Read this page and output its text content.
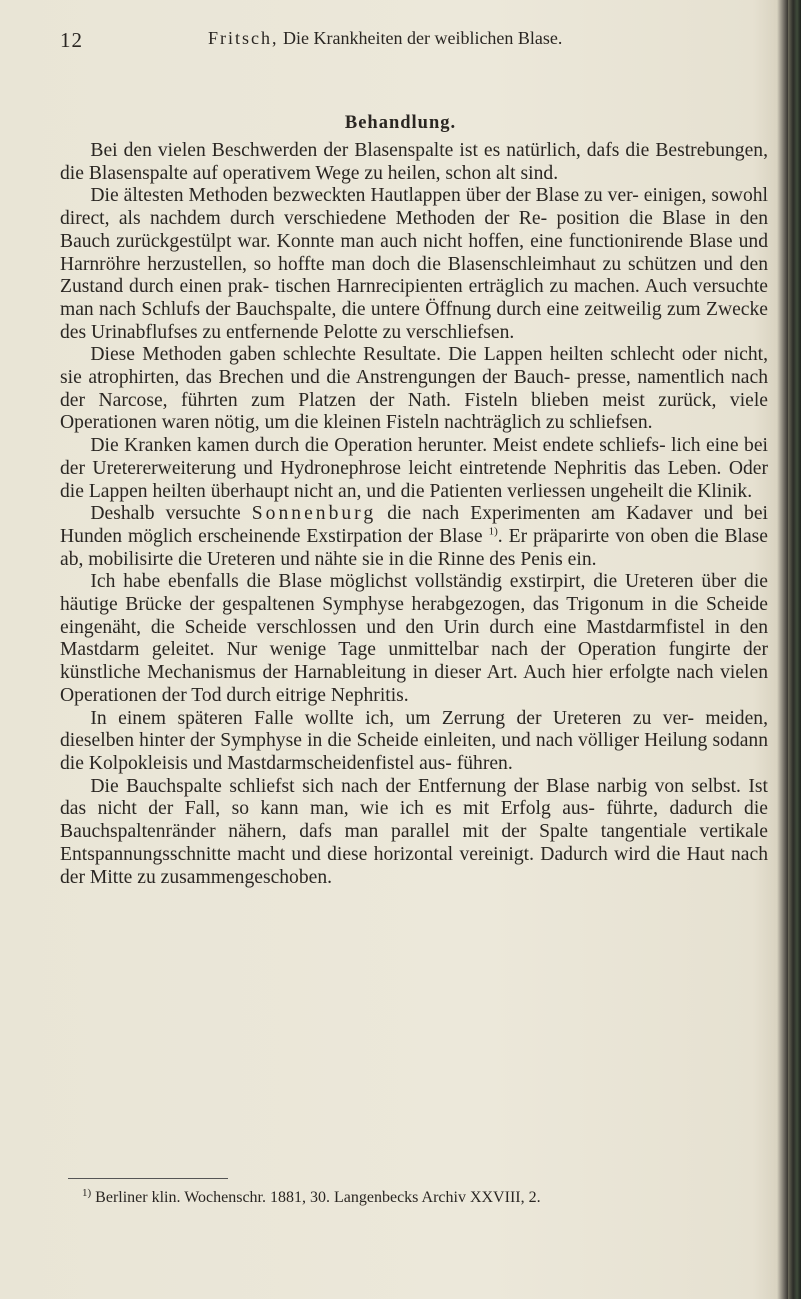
12	Fritsch, Die Krankheiten der weiblichen Blase.
Behandlung.

Bei den vielen Beschwerden der Blasenspalte ist es natürlich, dafs die Bestrebungen, die Blasenspalte auf operativem Wege zu heilen, schon alt sind.

Die ältesten Methoden bezweckten Hautlappen über der Blase zu ver- einigen, sowohl direct, als nachdem durch verschiedene Methoden der Re- position die Blase in den Bauch zurückgestülpt war. Konnte man auch nicht hoffen, eine functionirende Blase und Harnröhre herzustellen, so hoffte man doch die Blasenschleimhaut zu schützen und den Zustand durch einen prak- tischen Harnrecipienten erträglich zu machen. Auch versuchte man nach Schlufs der Bauchspalte, die untere Öffnung durch eine zeitweilig zum Zwecke des Urinabflufses zu entfernende Pelotte zu verschliefsen.

Diese Methoden gaben schlechte Resultate. Die Lappen heilten schlecht oder nicht, sie atrophirten, das Brechen und die Anstrengungen der Bauch- presse, namentlich nach der Narcose, führten zum Platzen der Nath. Fisteln blieben meist zurück, viele Operationen waren nötig, um die kleinen Fisteln nachträglich zu schliefsen.

Die Kranken kamen durch die Operation herunter. Meist endete schliefs- lich eine bei der Uretererweiterung und Hydronephrose leicht eintretende Nephritis das Leben. Oder die Lappen heilten überhaupt nicht an, und die Patienten verliessen ungeheilt die Klinik.

Deshalb versuchte Sonnenburg die nach Experimenten am Kadaver und bei Hunden möglich erscheinende Exstirpation der Blase $^{1)}$. Er präparirte von oben die Blase ab, mobilisirte die Ureteren und nähte sie in die Rinne des Penis ein.

Ich habe ebenfalls die Blase möglichst vollständig exstirpirt, die Ureteren über die häutige Brücke der gespaltenen Symphyse herabgezogen, das Trigonum in die Scheide eingenäht, die Scheide verschlossen und den Urin durch eine Mastdarmfistel in den Mastdarm geleitet. Nur wenige Tage unmittelbar nach der Operation fungirte der künstliche Mechanismus der Harnableitung in dieser Art. Auch hier erfolgte nach vielen Operationen der Tod durch eitrige Nephritis.

In einem späteren Falle wollte ich, um Zerrung der Ureteren zu ver- meiden, dieselben hinter der Symphyse in die Scheide einleiten, und nach völliger Heilung sodann die Kolpokleisis und Mastdarmscheidenfistel aus- führen.

Die Bauchspalte schliefst sich nach der Entfernung der Blase narbig von selbst. Ist das nicht der Fall, so kann man, wie ich es mit Erfolg aus- führte, dadurch die Bauchspaltenränder nähern, dafs man parallel mit der Spalte tangentiale vertikale Entspannungsschnitte macht und diese horizontal vereinigt. Dadurch wird die Haut nach der Mitte zu zusammengeschoben.

$^{1)}$ Berliner klin. Wochenschr. 1881, 30. Langenbecks Archiv XXVIII, 2.
